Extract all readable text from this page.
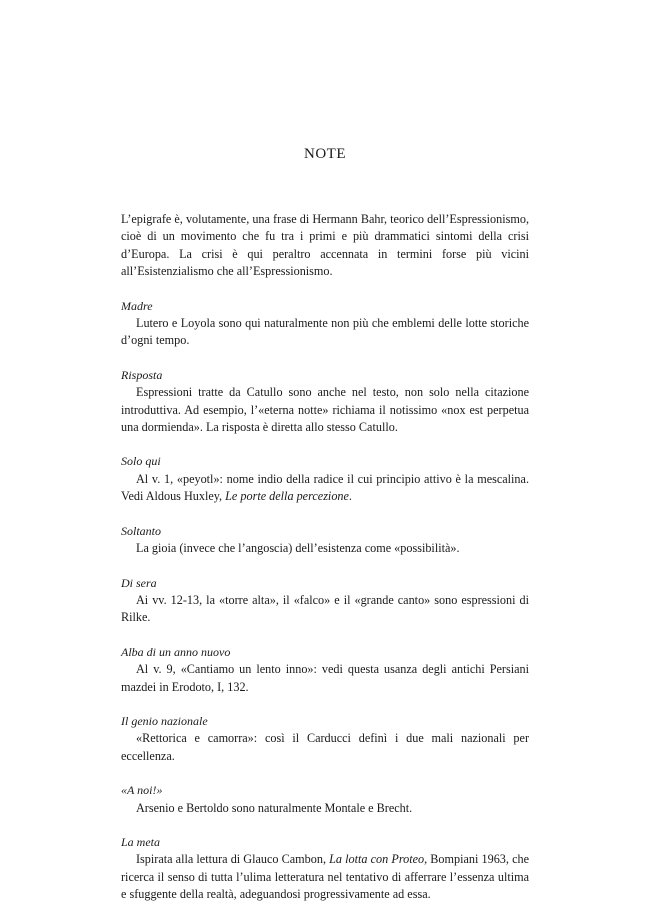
NOTE

L’epigrafe è, volutamente, una frase di Hermann Bahr, teorico dell’Espressionismo, cioè di un movimento che fu tra i primi e più drammatici sintomi della crisi d’Europa. La crisi è qui peraltro accennata in termini forse più vicini all’Esistenzialismo che all’Espressionismo.

Madre

Lutero e Loyola sono qui naturalmente non più che emblemi delle lotte storiche d’ogni tempo.

Risposta

Espressioni tratte da Catullo sono anche nel testo, non solo nella citazione introduttiva. Ad esempio, l’«eterna notte» richiama il notissimo «nox est perpetua una dormienda». La risposta è diretta allo stesso Catullo.

Solo qui

Al v. 1, «peyotl»: nome indio della radice il cui principio attivo è la mescalina. Vedi Aldous Huxley, Le porte della percezione.

Soltanto

La gioia (invece che l’angoscia) dell’esistenza come «possibilità».

Di sera

Ai vv. 12-13, la «torre alta», il «falco» e il «grande canto» sono espressioni di Rilke.

Alba di un anno nuovo

Al v. 9, «Cantiamo un lento inno»: vedi questa usanza degli antichi Persiani mazdei in Erodoto, I, 132.

Il genio nazionale

«Rettorica e camorra»: così il Carducci definì i due mali nazionali per eccellenza.

«A noi!»

Arsenio e Bertoldo sono naturalmente Montale e Brecht.

La meta

Ispirata alla lettura di Glauco Cambon, La lotta con Proteo, Bompiani 1963, che ricerca il senso di tutta l’ulima letteratura nel tentativo di afferrare l’essenza ultima e sfuggente della realtà, adeguandosi progressivamente ad essa.
